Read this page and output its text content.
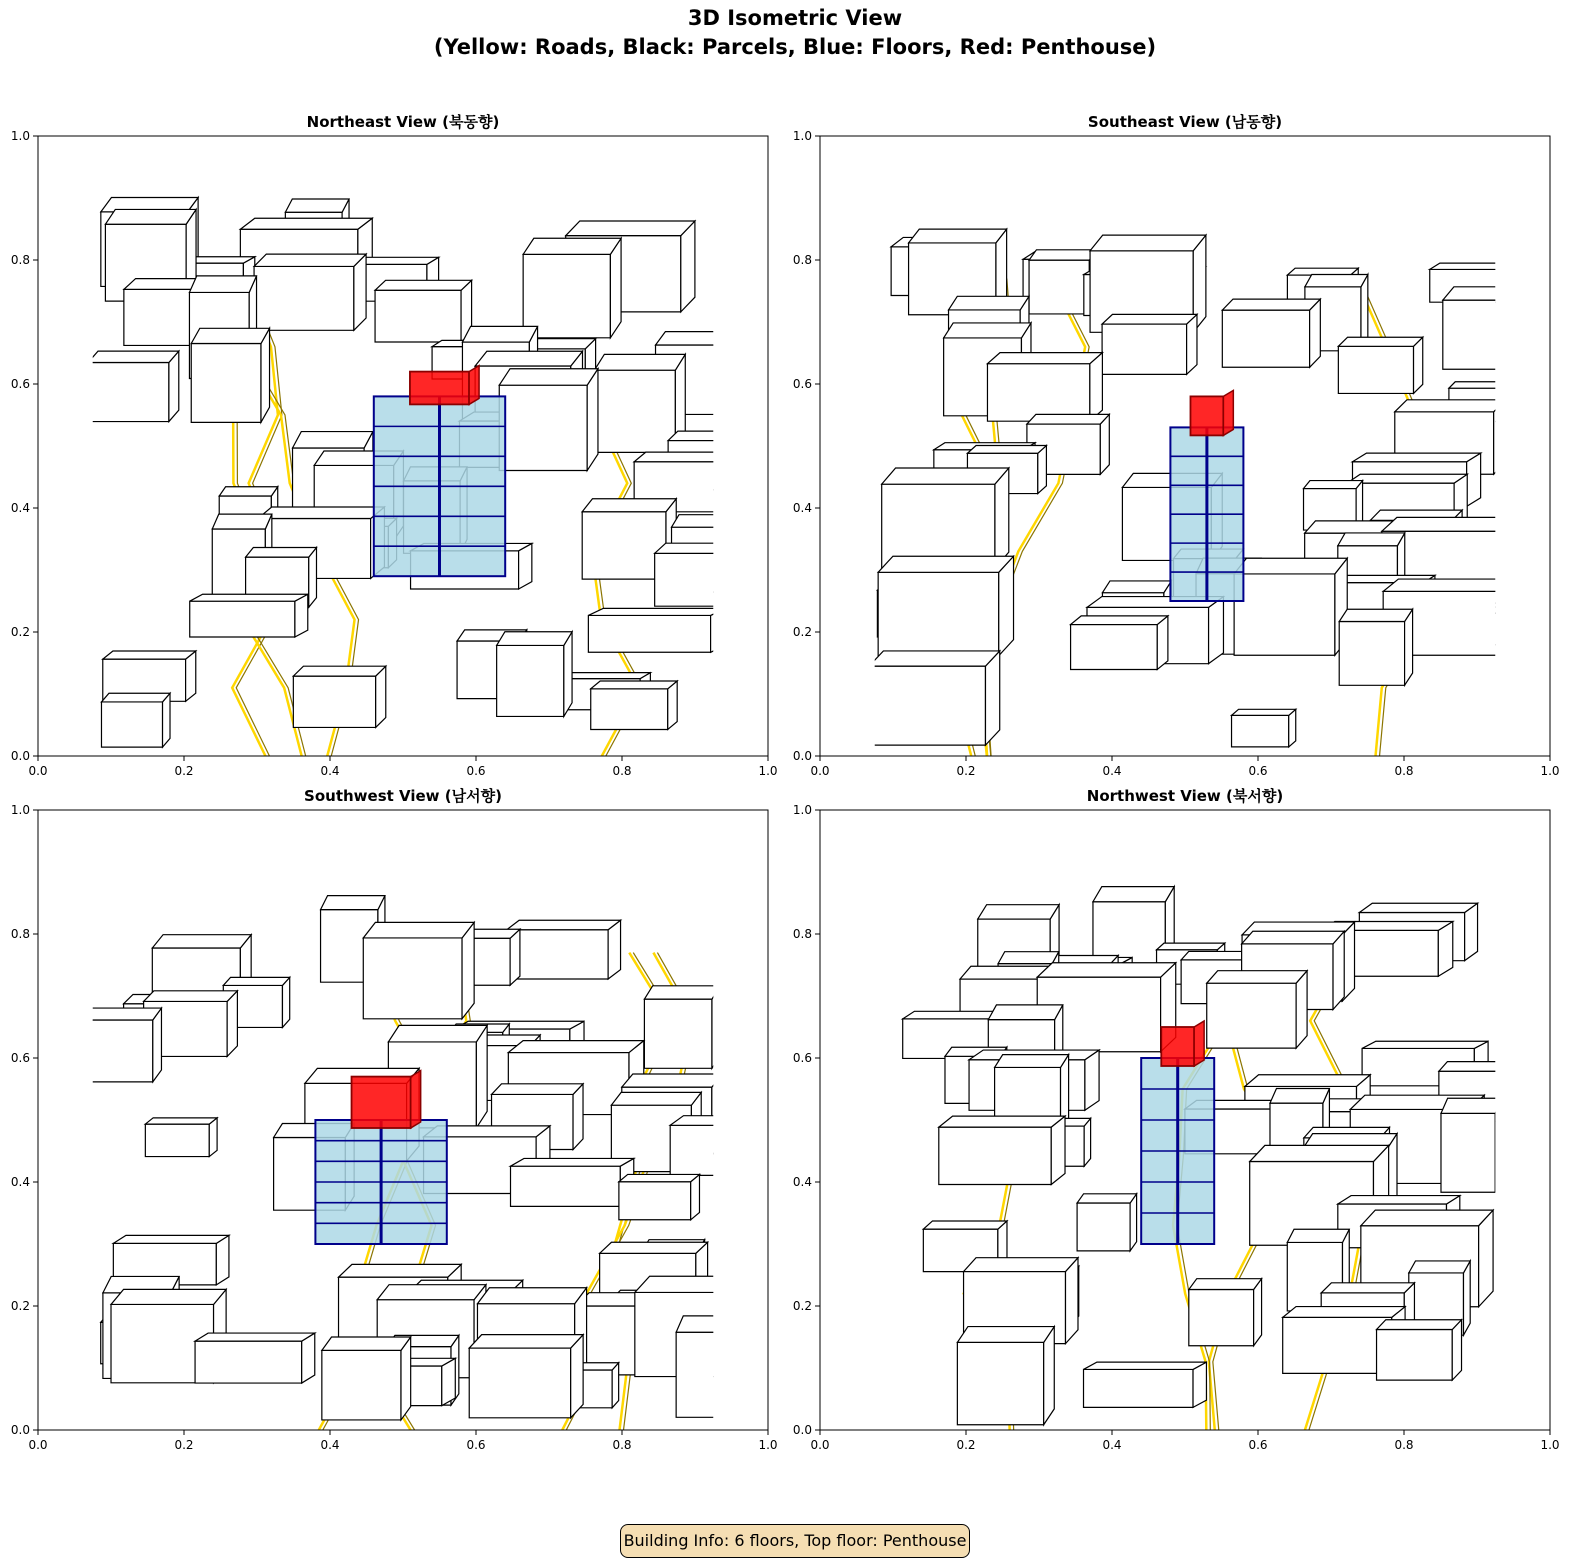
3D Isometric View
(Yellow: Roads, Black: Parcels, Blue: Floors, Red: Penthouse)
0.0	0.2	0.4	0.6	0.8	1.0
0.0
0.2
0.4
0.6
0.8
1.0
Northeast View (북동향)
0.0	0.2	0.4	0.6	0.8	1.0
0.0
0.2
0.4
0.6
0.8
1.0
Southeast View (남동향)
0.0	0.2	0.4	0.6	0.8	1.0
0.0
0.2
0.4
0.6
0.8
1.0
Southwest View (남서향)
0.0	0.2	0.4	0.6	0.8	1.0
0.0
0.2
0.4
0.6
0.8
1.0
Northwest View (북서향)
Building Info: 6 floors, Top floor: Penthouse
